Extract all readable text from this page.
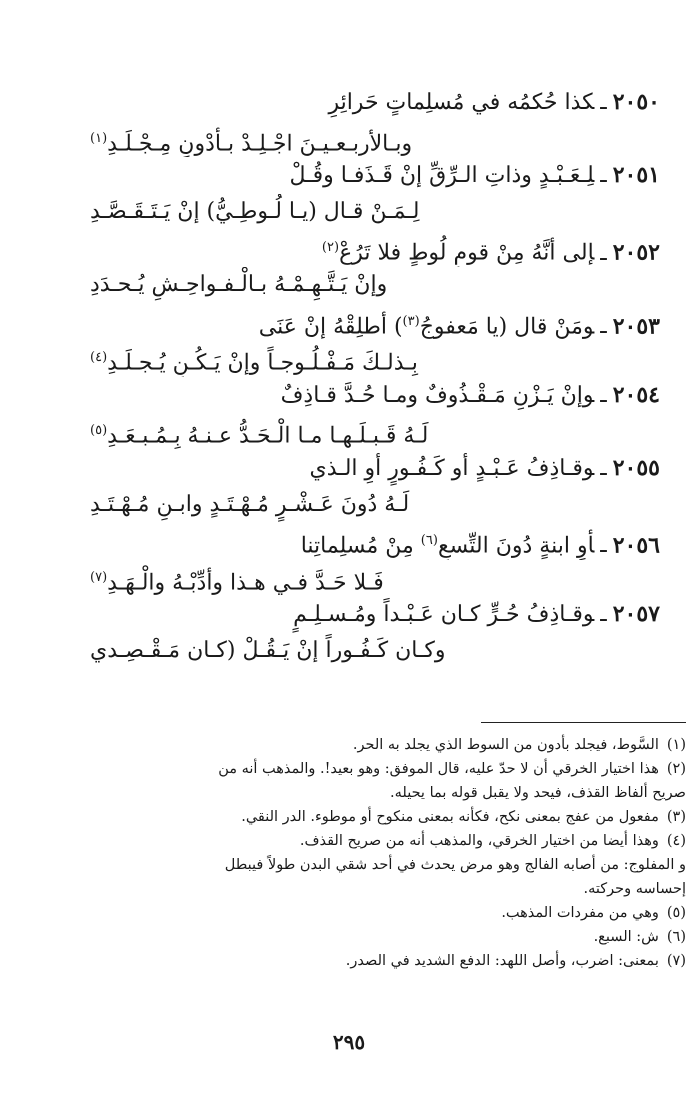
٢٠٥٠ـكذا حُكمُه في مُسلِماتٍ حَرائِرِ
وبـالأربـعـيـنَ اجْـلِـدْ بـأدْونِ مِـجْـلَـدِ$^{(١)}$
٢٠٥١ـلِـعَـبْـدٍ وذاتِ الـرِّقِّ إنْ قَـذَفـا وقُـلْ
لِـمَـنْ قـال (يـا لُـوطِـيُّ) إنْ يَـتَـقَـصَّـدِ
٢٠٥٢ـإلى أنَّهُ مِنْ قومِ لُوطٍ فلا تَرُعْ$^{(٢)}$
وإنْ يَـتَّـهِـمْـهُ بـالْـفـواحِـشِ يُـحـدَدِ
٢٠٥٣ـومَنْ قال (يا مَعفوجُ$^{(٣)}$) أطلِقْهُ إنْ عَنَى
بِـذلـكَ مَـفْـلُـوجـاً وإنْ يَـكُـنِ يُـجـلَـدِ$^{(٤)}$
٢٠٥٤ـوإنْ يَـزْنِ مَـقْـذُوفٌ ومـا حُـدَّ قـاذِفٌ
لَـهُ قَـبـلَـهـا مـا الْـحَـدُّ عـنـهُ بِـمُـبـعَـدِ$^{(٥)}$
٢٠٥٥ـوقـاذِفُ عَـبْـدٍ أو كَـفُـورٍ أوِ الـذي
لَـهُ دُونَ عَـشْـرٍ مُـهْـتَـدٍ وابـنِ مُـهْـتَـدِ
٢٠٥٦ـأوِ ابنةٍ دُونَ التِّسعِ$^{(٦)}$ مِنْ مُسلِماتِنا
فَـلا حَـدَّ فـي هـذا وأدِّبْـهُ والْـهَـدِ$^{(٧)}$
٢٠٥٧ـوقـاذِفُ حُـرٍّ كـان عَـبْـداً ومُـسـلِـمٍ
وكـان كَـفُـوراً إنْ يَـقُـلْ (كـان مَـقْـصِـدي
(١)السَّوط، فيجلد بأدون من السوط الذي يجلد به الحر.
(٢)هذا اختيار الخرقي أن لا حدّ عليه، قال الموفق: وهو بعيد!. والمذهب أنه من
صريح ألفاظ القذف، فيحد ولا يقبل قوله بما يحيله.
(٣)مفعول من عفج بمعنى نكح، فكأنه بمعنى منكوح أو موطوء. الدر النقي.
(٤)وهذا أيضا من اختيار الخرقي، والمذهب أنه من صريح القذف.
و المفلوج: من أصابه الفالج وهو مرض يحدث في أحد شقي البدن طولاً فيبطل
إحساسه وحركته.
(٥)وهي من مفردات المذهب.
(٦)ش: السبع.
(٧)بمعنى: اضرب، وأصل اللهد: الدفع الشديد في الصدر.
٢٩٥
